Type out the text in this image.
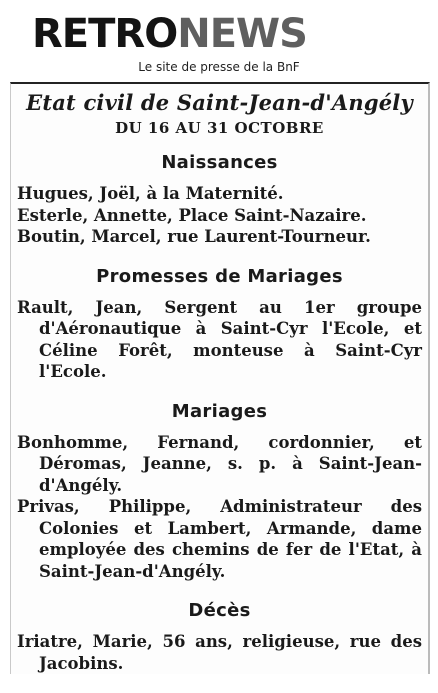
RETRONEWS
Le site de presse de la BnF
Etat civil de Saint-Jean-d'Angély
DU 16 AU 31 OCTOBRE
Naissances
Hugues, Joël, à la Maternité.
Esterle, Annette, Place Saint-Nazaire.
Boutin, Marcel, rue Laurent-Tourneur.
Promesses de Mariages
Rault, Jean, Sergent au 1er groupe d'Aéronautique à Saint-Cyr l'Ecole, et Céline Forêt, monteuse à Saint-Cyr l'Ecole.
Mariages
Bonhomme, Fernand, cordonnier, et Déromas, Jeanne, s. p. à Saint-Jean-d'Angély.
Privas, Philippe, Administrateur des Colonies et Lambert, Armande, dame employée des chemins de fer de l'Etat, à Saint-Jean-d'Angély.
Décès
Iriatre, Marie, 56 ans, religieuse, rue des Jacobins.
